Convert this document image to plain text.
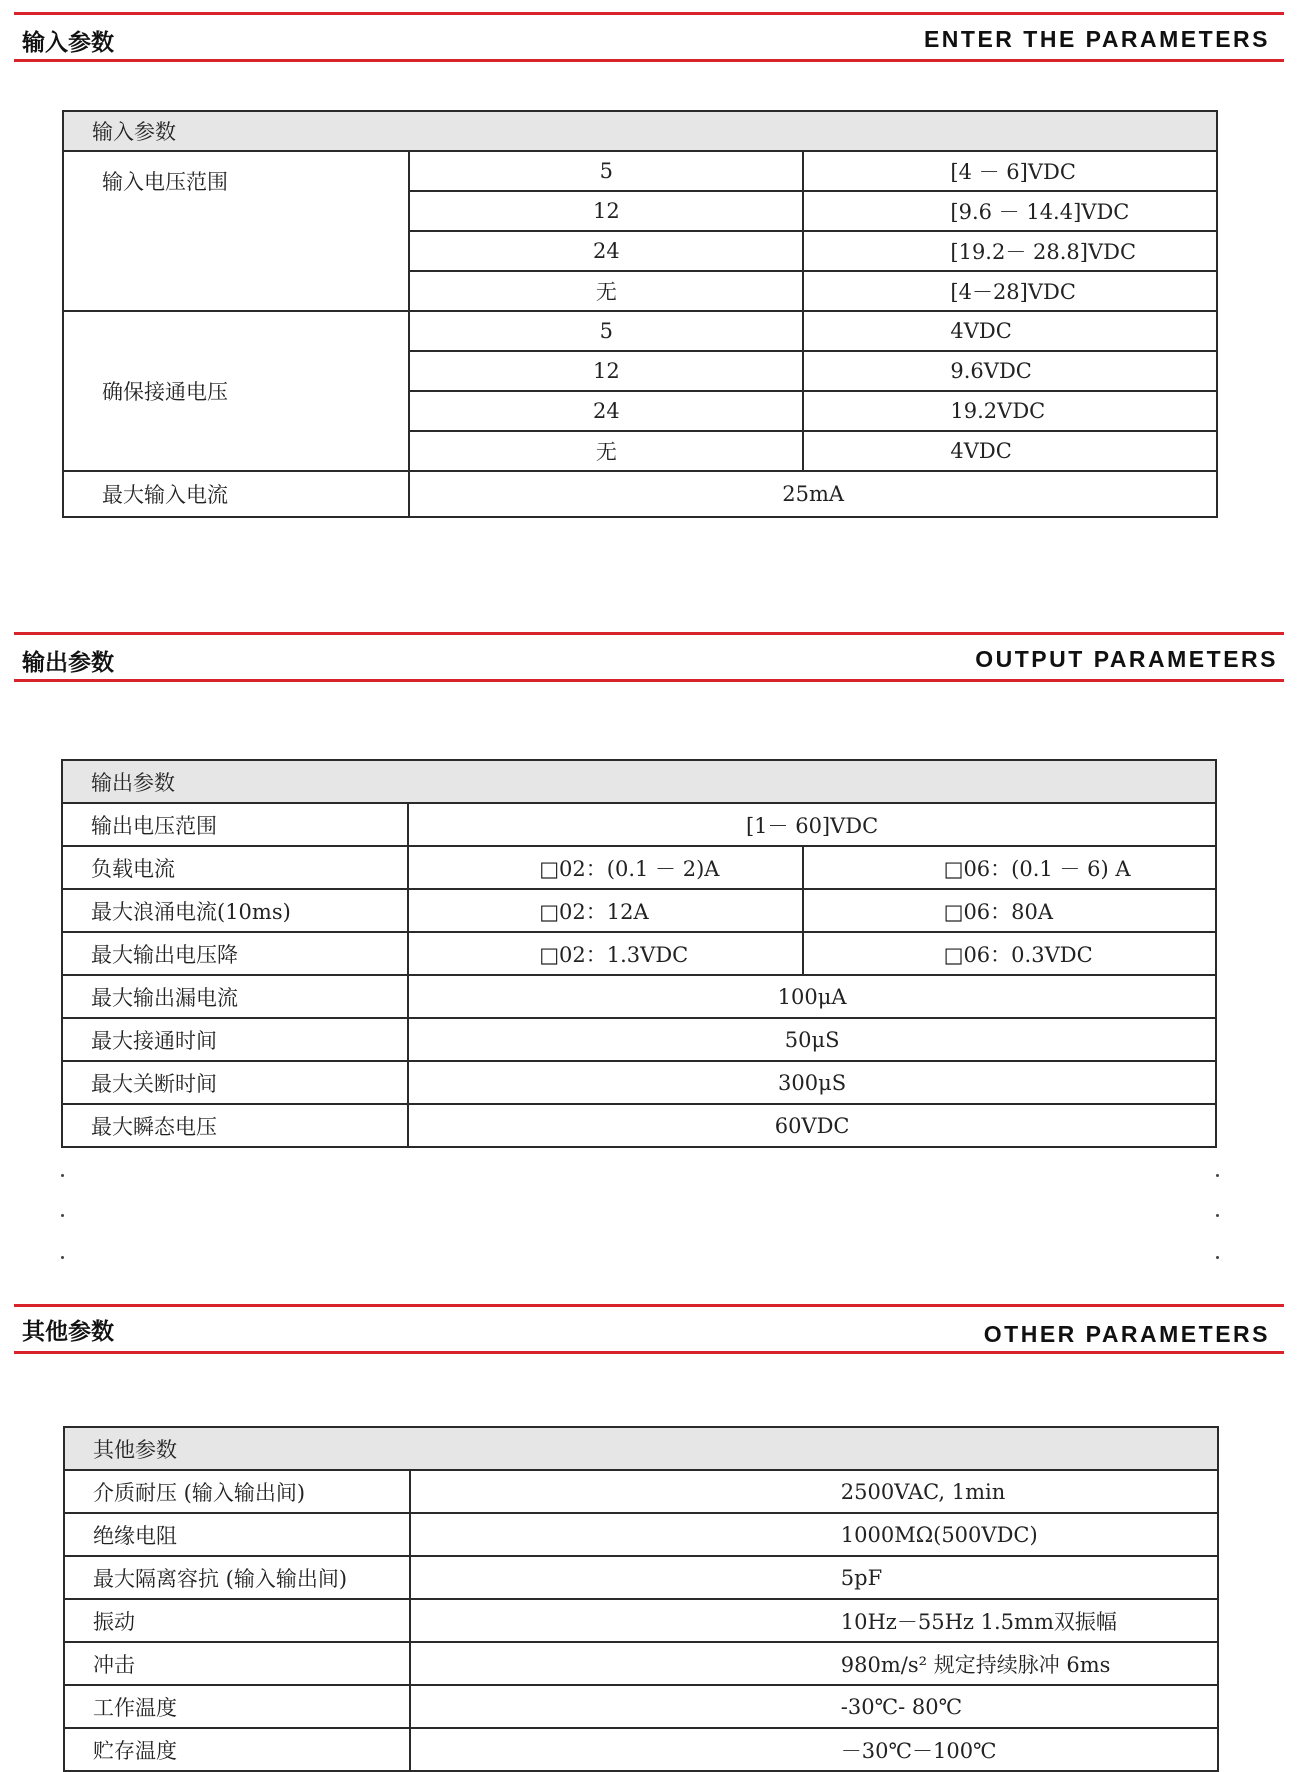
输入参数	ENTER THE PARAMETERS
输入参数		
输入电压范围	5	[4 － 6]VDC
	12	[9.6 － 14.4]VDC
	24	[19.2－ 28.8]VDC
	无	[4－28]VDC
确保接通电压	5	4VDC
	12	9.6VDC
	24	19.2VDC
	无	4VDC
最大输入电流	25mA	
输出参数	OUTPUT PARAMETERS
输出参数		
输出电压范围	[1－ 60]VDC	
负载电流	□02：(0.1 － 2)A	□06：(0.1 － 6) A
最大浪涌电流(10ms)	□02：12A	□06：80A
最大输出电压降	□02：1.3VDC	□06：0.3VDC
最大输出漏电流	100μA	
最大接通时间	50μS	
最大关断时间	300μS	
最大瞬态电压	60VDC	
其他参数	OTHER PARAMETERS
其他参数	
介质耐压 (输入输出间)	2500VAC, 1min
绝缘电阻	1000MΩ(500VDC)
最大隔离容抗 (输入输出间)	5pF
振动	10Hz－55Hz 1.5mm双振幅
冲击	980m/s² 规定持续脉冲 6ms
工作温度	-30℃- 80℃
贮存温度	－30℃－100℃
